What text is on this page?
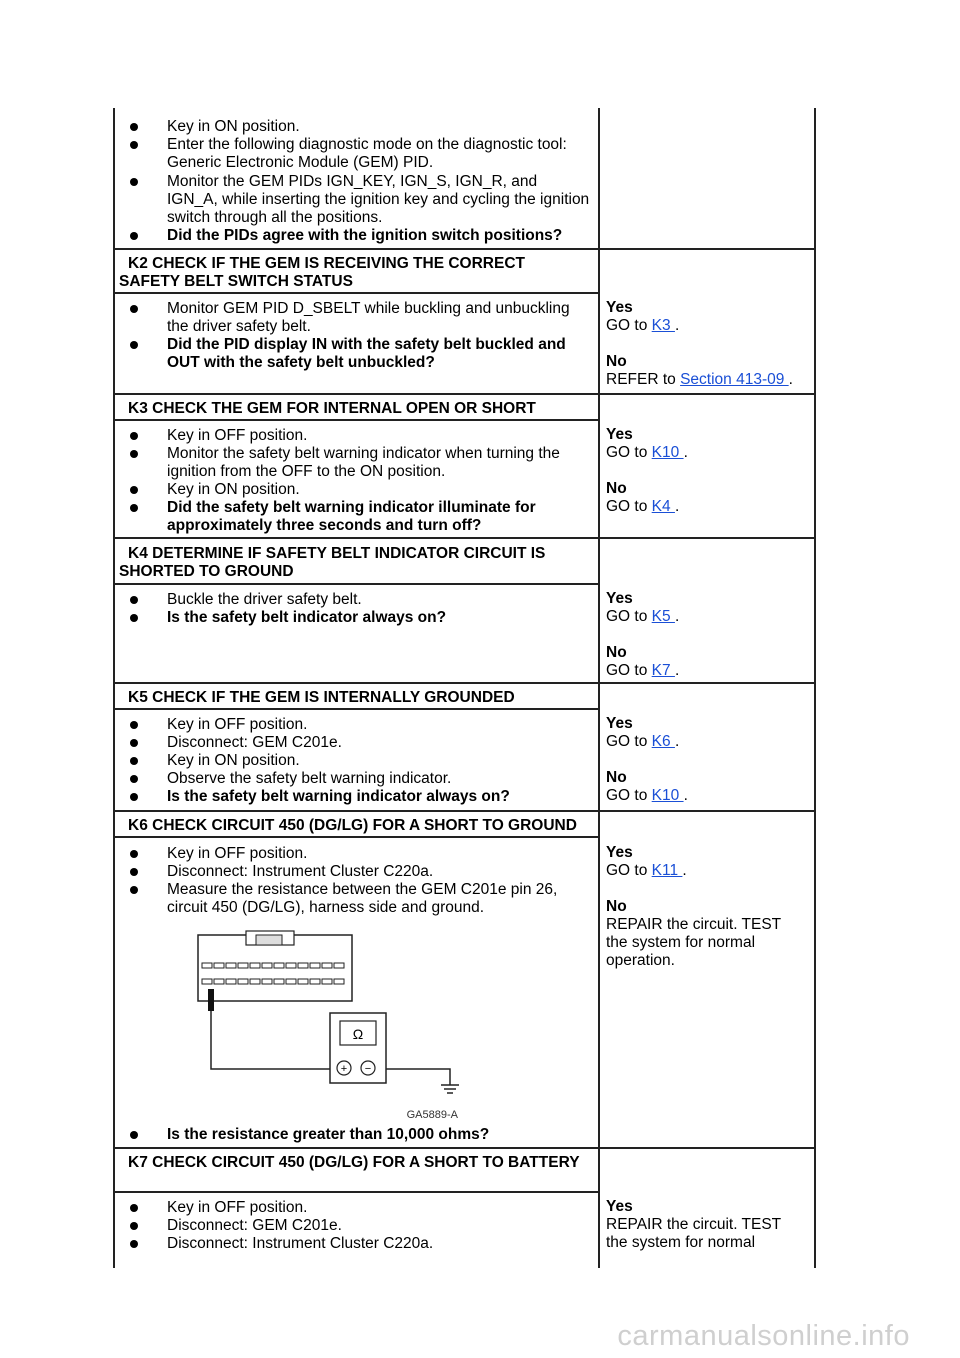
Key in ON position.
Enter the following diagnostic mode on the diagnostic tool: Generic Electronic Module (GEM) PID.
Monitor the GEM PIDs IGN_KEY, IGN_S, IGN_R, and IGN_A, while inserting the ignition key and cycling the ignition switch through all the positions.
Did the PIDs agree with the ignition switch positions?
K2 CHECK IF THE GEM IS RECEIVING THE CORRECT SAFETY BELT SWITCH STATUS
Monitor GEM PID D_SBELT while buckling and unbuckling the driver safety belt.
Did the PID display IN with the safety belt buckled and OUT with the safety belt unbuckled?
Yes
GO to K3 .
No
REFER to Section 413-09 .
K3 CHECK THE GEM FOR INTERNAL OPEN OR SHORT
Key in OFF position.
Monitor the safety belt warning indicator when turning the ignition from the OFF to the ON position.
Key in ON position.
Did the safety belt warning indicator illuminate for approximately three seconds and turn off?
Yes
GO to K10 .
No
GO to K4 .
K4 DETERMINE IF SAFETY BELT INDICATOR CIRCUIT IS SHORTED TO GROUND
Buckle the driver safety belt.
Is the safety belt indicator always on?
Yes
GO to K5 .
No
GO to K7 .
K5 CHECK IF THE GEM IS INTERNALLY GROUNDED
Key in OFF position.
Disconnect: GEM C201e.
Key in ON position.
Observe the safety belt warning indicator.
Is the safety belt warning indicator always on?
Yes
GO to K6 .
No
GO to K10 .
K6 CHECK CIRCUIT 450 (DG/LG) FOR A SHORT TO GROUND
Key in OFF position.
Disconnect: Instrument Cluster C220a.
Measure the resistance between the GEM C201e pin 26, circuit 450 (DG/LG), harness side and ground.
Ω
+ −
GA5889-A
Is the resistance greater than 10,000 ohms?
Yes
GO to K11 .
No
REPAIR the circuit. TEST the system for normal operation.
K7 CHECK CIRCUIT 450 (DG/LG) FOR A SHORT TO BATTERY
Key in OFF position.
Disconnect: GEM C201e.
Disconnect: Instrument Cluster C220a.
Yes
REPAIR the circuit. TEST the system for normal
carmanualsonline.info
